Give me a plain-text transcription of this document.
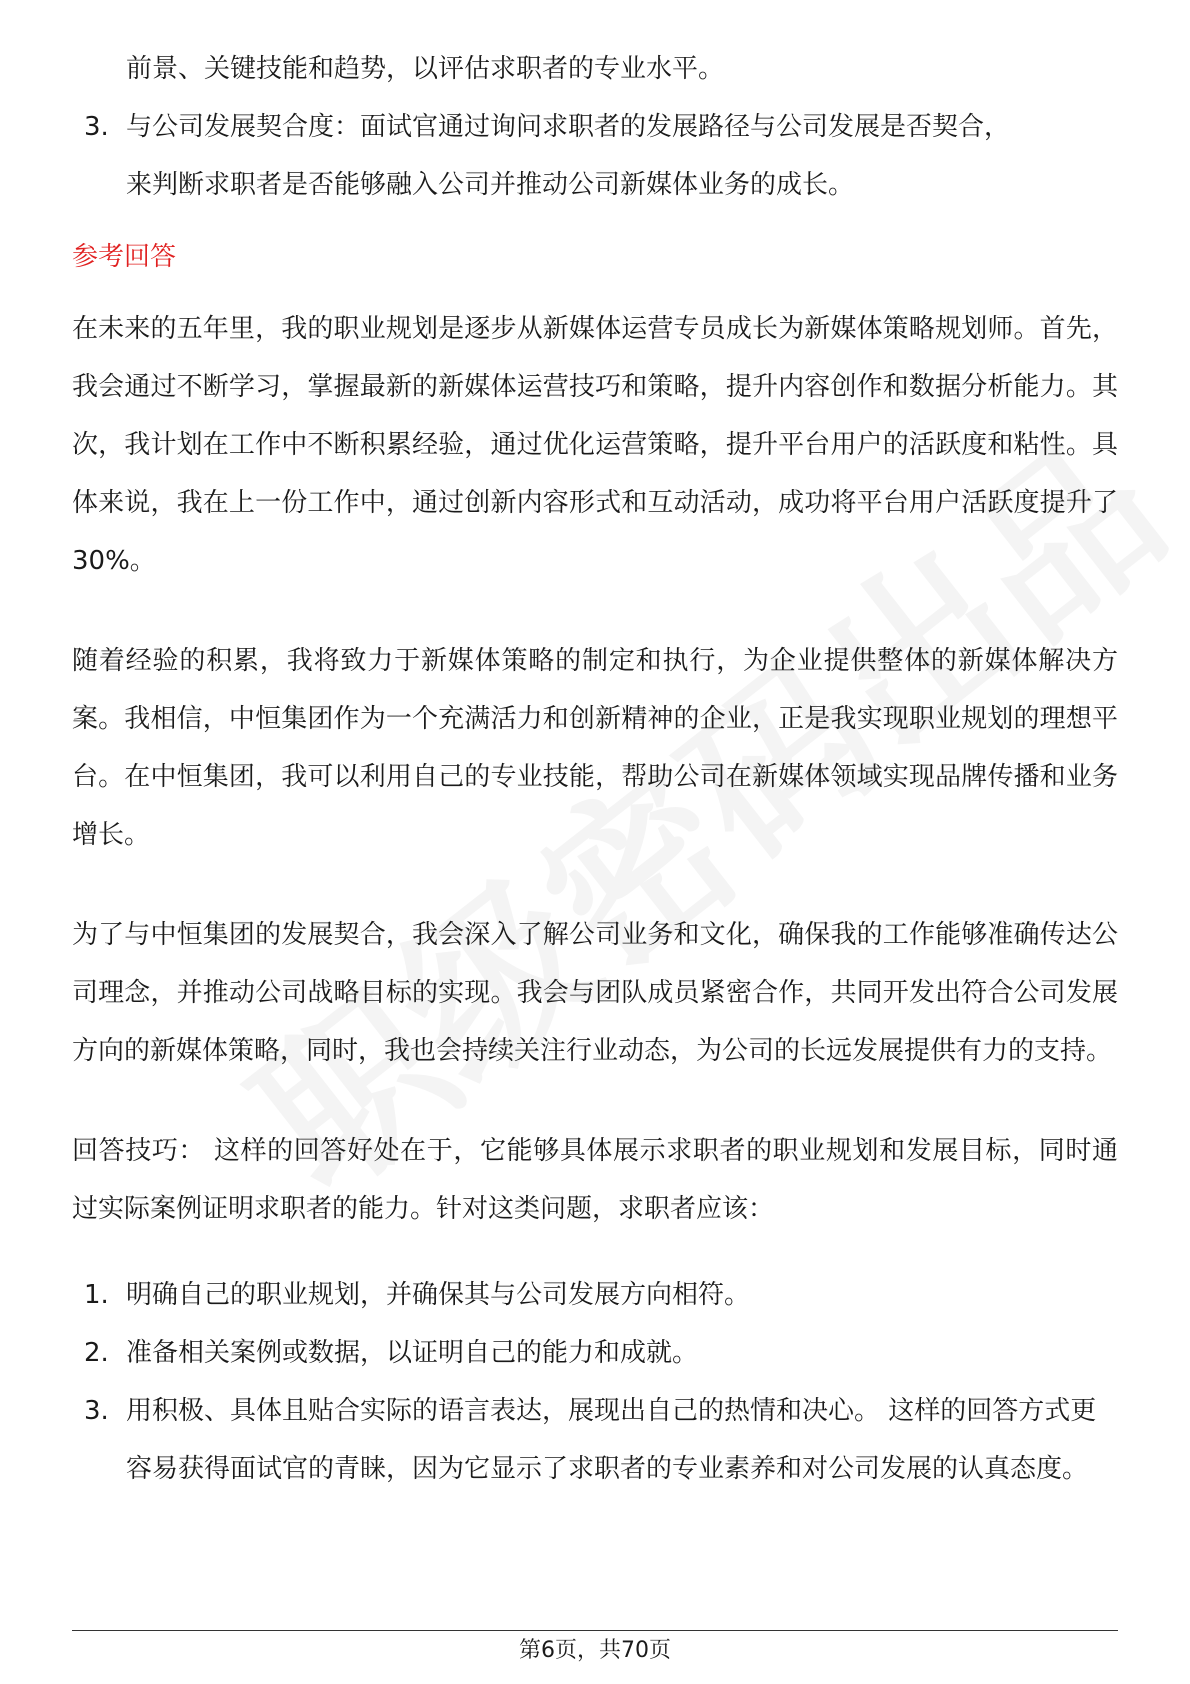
前景、关键技能和趋势，以评估求职者的专业水平。
3. 与公司发展契合度：面试官通过询问求职者的发展路径与公司发展是否契合，
来判断求职者是否能够融入公司并推动公司新媒体业务的成长。
参考回答

在未来的五年里，我的职业规划是逐步从新媒体运营专员成长为新媒体策略规划师。首先，我会通过不断学习，掌握最新的新媒体运营技巧和策略，提升内容创作和数据分析能力。其次，我计划在工作中不断积累经验，通过优化运营策略，提升平台用户的活跃度和粘性。具体来说，我在上一份工作中，通过创新内容形式和互动活动，成功将平台用户活跃度提升了30%。

随着经验的积累，我将致力于新媒体策略的制定和执行，为企业提供整体的新媒体解决方案。我相信，中恒集团作为一个充满活力和创新精神的企业，正是我实现职业规划的理想平台。在中恒集团，我可以利用自己的专业技能，帮助公司在新媒体领域实现品牌传播和业务增长。

为了与中恒集团的发展契合，我会深入了解公司业务和文化，确保我的工作能够准确传达公司理念，并推动公司战略目标的实现。我会与团队成员紧密合作，共同开发出符合公司发展方向的新媒体策略，同时，我也会持续关注行业动态，为公司的长远发展提供有力的支持。

回答技巧： 这样的回答好处在于，它能够具体展示求职者的职业规划和发展目标，同时通过实际案例证明求职者的能力。针对这类问题，求职者应该：

1. 明确自己的职业规划，并确保其与公司发展方向相符。
2. 准备相关案例或数据，以证明自己的能力和成就。
3. 用积极、具体且贴合实际的语言表达，展现出自己的热情和决心。 这样的回答方式更容易获得面试官的青睐，因为它显示了求职者的专业素养和对公司发展的认真态度。
第6页，共70页
